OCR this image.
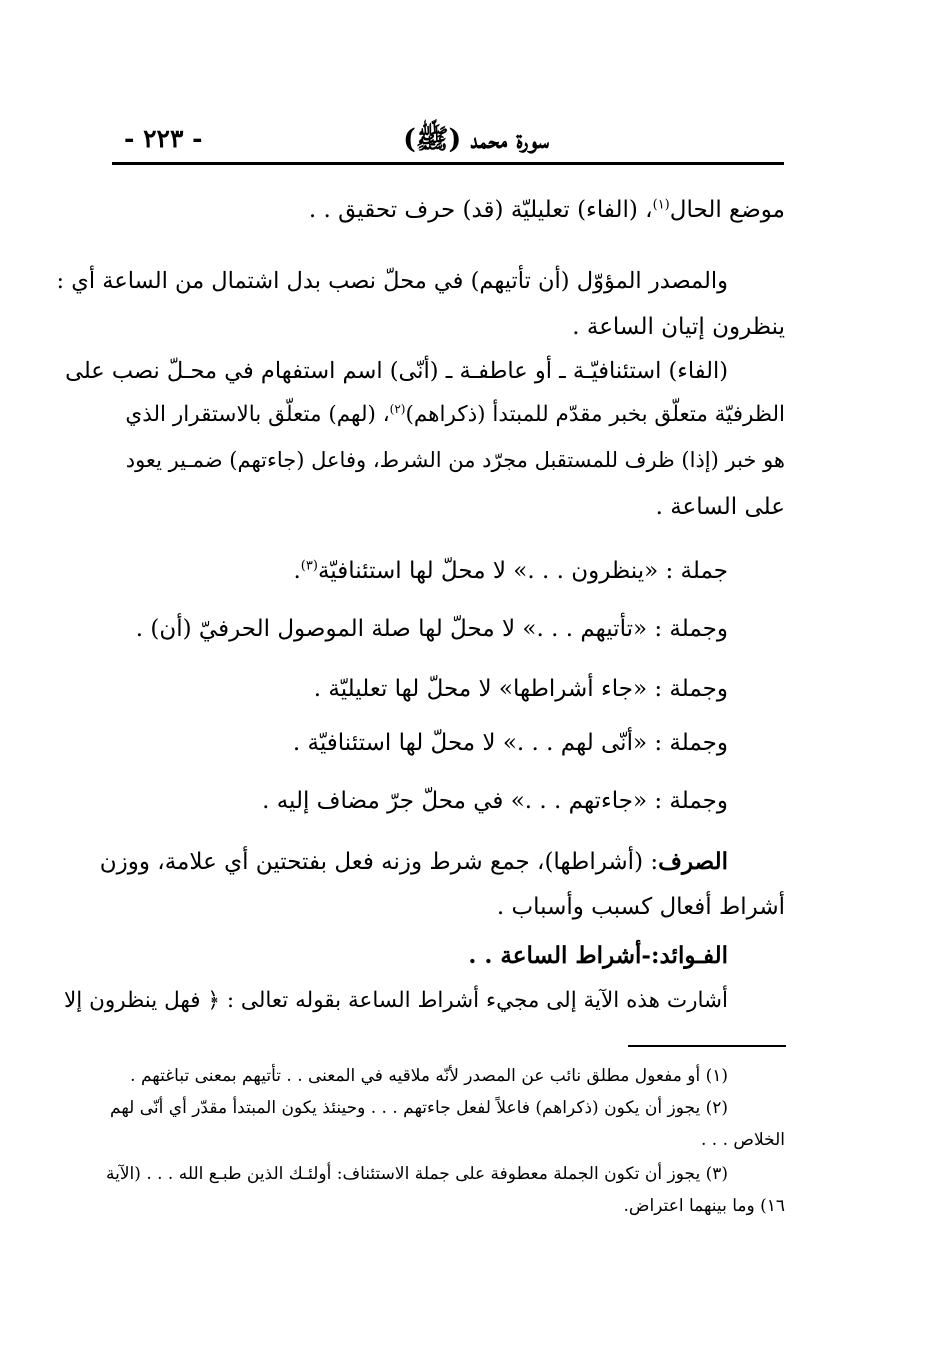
سورة محمد (ﷺ)
- ٢٢٣ -
موضع الحال$^{(١)}$، (الفاء) تعليليّة (قد) حرف تحقيق . .
والمصدر المؤوّل (أن تأتيهم) في محلّ نصب بدل اشتمال من الساعة أي :
ينظرون إتيان الساعة .
(الفاء) استئنافيّـة ـ أو عاطفـة ـ (أنّى) اسم استفهام في محـلّ نصب على
الظرفيّة متعلّق بخبر مقدّم للمبتدأ (ذكراهم)$^{(٢)}$، (لهم) متعلّق بالاستقرار الذي
هو خبر (إذا) ظرف للمستقبل مجرّد من الشرط، وفاعل (جاءتهم) ضمـير يعود
على الساعة .
جملة : «ينظرون . . .» لا محلّ لها استئنافيّة$^{(٣)}$.
وجملة : «تأتيهم . . .» لا محلّ لها صلة الموصول الحرفيّ (أن) .
وجملة : «جاء أشراطها» لا محلّ لها تعليليّة .
وجملة : «أنّى لهم . . .» لا محلّ لها استئنافيّة .
وجملة : «جاءتهم . . .» في محلّ جرّ مضاف إليه .
الصرف: (أشراطها)، جمع شرط وزنه فعل بفتحتين أي علامة، ووزن
أشراط أفعال كسبب وأسباب .
الفـوائد:-أشراط الساعة . .
أشارت هذه الآية إلى مجيء أشراط الساعة بقوله تعالى : ﴿ فهل ينظرون إلا
(١) أو مفعول مطلق نائب عن المصدر لأنّه ملاقيه في المعنى . . تأتيهم بمعنى تباغتهم .
(٢) يجوز أن يكون (ذكراهم) فاعلاً لفعل جاءتهم . . . وحينئذ يكون المبتدأ مقدّر أي أنّى لهم
الخلاص . . .
(٣) يجوز أن تكون الجملة معطوفة على جملة الاستئناف: أولئـك الذين طبـع الله . . . (الآية
١٦) وما بينهما اعتراض.
